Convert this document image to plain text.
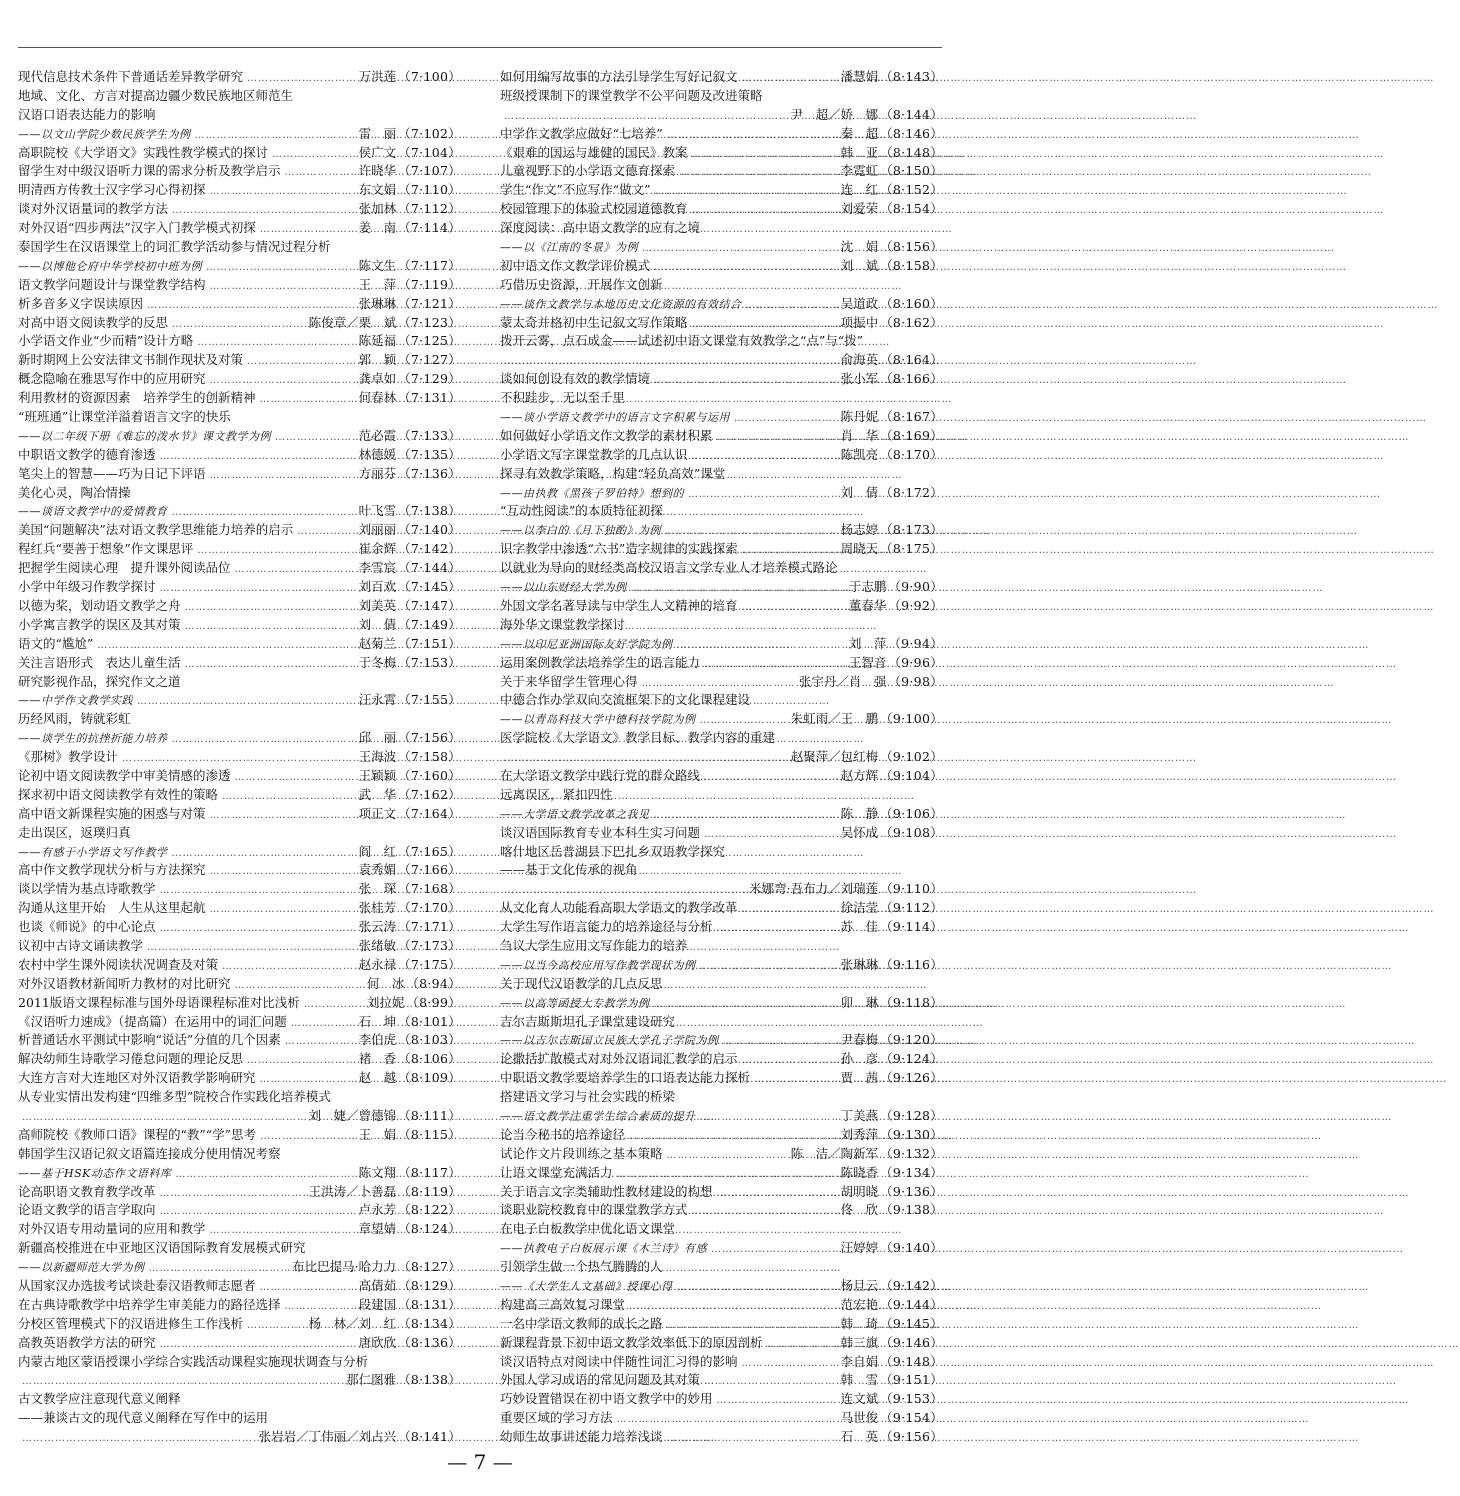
现代信息技术条件下普通话差异教学研究 ………………………………………………………………………………………………………………………………………………………………………	万洪莲 （7·100）
地域、文化、方言对提高边疆少数民族地区师范生
汉语口语表达能力的影响
——以文山学院少数民族学生为例 ………………………………………………………………………………………………………………………………………………………………………	雷　丽 （7·102）
高职院校《大学语文》实践性教学模式的探讨 ………………………………………………………………………………………………………………………………………………………………………	侯广文 （7·104）
留学生对中级汉语听力课的需求分析及教学启示 ………………………………………………………………………………………………………………………………………………………………………	许晓华 （7·107）
明清西方传教士汉字学习心得初探 ………………………………………………………………………………………………………………………………………………………………………	东文娟 （7·110）
谈对外汉语量词的教学方法 ………………………………………………………………………………………………………………………………………………………………………	张加林 （7·112）
对外汉语“四步两法”汉字入门教学模式初探 ………………………………………………………………………………………………………………………………………………………………………	姜　南 （7·114）
泰国学生在汉语课堂上的词汇教学活动参与情况过程分析
——以博他仑府中华学校初中班为例 ………………………………………………………………………………………………………………………………………………………………………	陈文生 （7·117）
语文教学问题设计与课堂教学结构 ………………………………………………………………………………………………………………………………………………………………………	王　萍 （7·119）
析多音多义字误读原因 ………………………………………………………………………………………………………………………………………………………………………	张琳琳 （7·121）
对高中语文阅读教学的反思 ………………………………………………………………………………………………………………………………………………………………………	陈俊章／栗　斌 （7·123）
小学语文作业“少而精”设计方略 ………………………………………………………………………………………………………………………………………………………………………	陈延福 （7·125）
新时期网上公安法律文书制作现状及对策 ………………………………………………………………………………………………………………………………………………………………………	郭　颖 （7·127）
概念隐喻在雅思写作中的应用研究 ………………………………………………………………………………………………………………………………………………………………………	龚卓如 （7·129）
利用教材的资源因素　培养学生的创新精神 ………………………………………………………………………………………………………………………………………………………………………	何春林 （7·131）
“班班通”让课堂洋溢着语言文字的快乐
——以二年级下册《难忘的泼水节》课文教学为例 ………………………………………………………………………………………………………………………………………………………………………	范必霞 （7·133）
中职语文教学的德育渗透 ………………………………………………………………………………………………………………………………………………………………………	林德媛 （7·135）
笔尖上的智慧——巧为日记下评语 ………………………………………………………………………………………………………………………………………………………………………	方丽芬 （7·136）
美化心灵，陶冶情操
——谈语文教学中的爱情教育 ………………………………………………………………………………………………………………………………………………………………………	叶飞雪 （7·138）
美国“问题解决”法对语文教学思维能力培养的启示 ………………………………………………………………………………………………………………………………………………………………………	刘丽丽 （7·140）
程红兵“要善于想象”作文课思评 ………………………………………………………………………………………………………………………………………………………………………	崔余辉 （7·142）
把握学生阅读心理　提升课外阅读品位 ………………………………………………………………………………………………………………………………………………………………………	李雪宸 （7·144）
小学中年级习作教学探讨 ………………………………………………………………………………………………………………………………………………………………………	刘百欢 （7·145）
以德为桨，划动语文教学之舟 ………………………………………………………………………………………………………………………………………………………………………	刘美英 （7·147）
小学寓言教学的误区及其对策 ………………………………………………………………………………………………………………………………………………………………………	刘　倩 （7·149）
语文的“尴尬” ………………………………………………………………………………………………………………………………………………………………………	赵菊兰 （7·151）
关注言语形式　表达儿童生活 ………………………………………………………………………………………………………………………………………………………………………	于冬梅 （7·153）
研究影视作品，探究作文之道
——中学作文教学实践 ………………………………………………………………………………………………………………………………………………………………………	汪永霄 （7·155）
历经风雨，铸就彩虹
——谈学生的抗挫折能力培养 ………………………………………………………………………………………………………………………………………………………………………	邱　丽 （7·156）
《那树》教学设计 ………………………………………………………………………………………………………………………………………………………………………	王海波 （7·158）
论初中语文阅读教学中审美情感的渗透 ………………………………………………………………………………………………………………………………………………………………………	王颖颖 （7·160）
探求初中语文阅读教学有效性的策略 ………………………………………………………………………………………………………………………………………………………………………	武　华 （7·162）
高中语文新课程实施的困惑与对策 ………………………………………………………………………………………………………………………………………………………………………	项正文 （7·164）
走出误区，返璞归真
——有感于小学语文写作教学 ………………………………………………………………………………………………………………………………………………………………………	阎　红 （7·165）
高中作文教学现状分析与方法探究 ………………………………………………………………………………………………………………………………………………………………………	袁秀媚 （7·166）
谈以学情为基点诗歌教学 ………………………………………………………………………………………………………………………………………………………………………	张　琛 （7·168）
沟通从这里开始　人生从这里起航 ………………………………………………………………………………………………………………………………………………………………………	张桂芳 （7·170）
也谈《师说》的中心论点 ………………………………………………………………………………………………………………………………………………………………………	张云涛 （7·171）
议初中古诗文诵读教学 ………………………………………………………………………………………………………………………………………………………………………	张绪敏 （7·173）
农村中学生课外阅读状况调查及对策 ………………………………………………………………………………………………………………………………………………………………………	赵永禄 （7·175）
对外汉语教材新闻听力教材的对比研究 ………………………………………………………………………………………………………………………………………………………………………	何　冰 （8·94）
2011版语文课程标准与国外母语课程标准对比浅析 ………………………………………………………………………………………………………………………………………………………………………	刘拉妮 （8·99）
《汉语听力速成》（提高篇）在运用中的词汇问题 ………………………………………………………………………………………………………………………………………………………………………	石　坤 （8·101）
析普通话水平测试中影响“说话”分值的几个因素 ………………………………………………………………………………………………………………………………………………………………………	李伯虎 （8·103）
解决幼师生诗歌学习倦怠问题的理论反思 ………………………………………………………………………………………………………………………………………………………………………	褚　香 （8·106）
大连方言对大连地区对外汉语教学影响研究 ………………………………………………………………………………………………………………………………………………………………………	赵　越 （8·109）
从专业实情出发构建“四维多型”院校合作实践化培养模式
………………………………………………………………………………………………………………………………………………………………………
刘　婕／曾德锦 （8·111）
高师院校《教师口语》课程的“教”“学”思考 ………………………………………………………………………………………………………………………………………………………………………	王　娟 （8·115）
韩国学生汉语记叙文语篇连接成分使用情况考察
——基于HSK动态作文语料库 ………………………………………………………………………………………………………………………………………………………………………	陈文翔 （8·117）
论高职语文教育教学改革 ………………………………………………………………………………………………………………………………………………………………………	王洪涛／卜善磊 （8·119）
论语文教学的语言学取向 ………………………………………………………………………………………………………………………………………………………………………	卢永芳 （8·122）
对外汉语专用动量词的应用和教学 ………………………………………………………………………………………………………………………………………………………………………	章望婧 （8·124）
新疆高校推进在中亚地区汉语国际教育发展模式研究
——以新疆师范大学为例 ………………………………………………………………………………………………………………………………………………………………………	布比巴提马·哈力力 （8·127）
从国家汉办选拔考试谈赴泰汉语教师志愿者 ………………………………………………………………………………………………………………………………………………………………………	高倩茹 （8·129）
在古典诗歌教学中培养学生审美能力的路径选择 ………………………………………………………………………………………………………………………………………………………………………	段建国 （8·131）
分校区管理模式下的汉语进修生工作浅析 ………………………………………………………………………………………………………………………………………………………………………	杨　林／刘　红 （8·134）
高教英语教学方法的研究 ………………………………………………………………………………………………………………………………………………………………………	唐欣欣 （8·136）
内蒙古地区蒙语授课小学综合实践活动课程实施现状调查与分析
………………………………………………………………………………………………………………………………………………………………………
那仁图雅 （8·138）
古文教学应注意现代意义阐释
——兼谈古文的现代意义阐释在写作中的运用
………………………………………………………………………………………………………………………………………………………………………
张岩岩／丁伟丽／刘占兴 （8·141）
如何用编写故事的方法引导学生写好记叙文 ………………………………………………………………………………………………………………………………………………………………………	潘慧娟 （8·143）
班级授课制下的课堂教学不公平问题及改进策略
………………………………………………………………………………………………………………………………………………………………………
尹　超／娇　娜 （8·144）
中学作文教学应做好“七培养” ………………………………………………………………………………………………………………………………………………………………………	秦　超 （8·146）
《艰难的国运与雄健的国民》教案 ………………………………………………………………………………………………………………………………………………………………………	韩　亚 （8·148）
儿童视野下的小学语文德育探索 ………………………………………………………………………………………………………………………………………………………………………	李霓虹 （8·150）
学生“作文”不应写作“做文” ………………………………………………………………………………………………………………………………………………………………………	连　红 （8·152）
校园管理下的体验式校园道德教育 ………………………………………………………………………………………………………………………………………………………………………	刘爱荣 （8·154）
深度阅读：高中语文教学的应有之境
——以《江南的冬景》为例 ………………………………………………………………………………………………………………………………………………………………………	沈　娟 （8·156）
初中语文作文教学评价模式 ………………………………………………………………………………………………………………………………………………………………………	刘　斌 （8·158）
巧借历史资源，开展作文创新
——谈作文教学与本地历史文化资源的有效结合 ………………………………………………………………………………………………………………………………………………………………………	吴道政 （8·160）
蒙太奇并格初中生记叙文写作策略 ………………………………………………………………………………………………………………………………………………………………………	项振中 （8·162）
拨开云雾，点石成金——试述初中语文课堂有效教学之“点”与“拨”
………………………………………………………………………………………………………………………………………………………………………
俞海英 （8·164）
谈如何创设有效的教学情境 ………………………………………………………………………………………………………………………………………………………………………	张小军 （8·166）
不积跬步，无以至千里
——谈小学语文教学中的语言文字积累与运用 ………………………………………………………………………………………………………………………………………………………………………	陈丹妮 （8·167）
如何做好小学语文作文教学的素材积累 ………………………………………………………………………………………………………………………………………………………………………	肖　华 （8·169）
小学语文写字课堂教学的几点认识 ………………………………………………………………………………………………………………………………………………………………………	陈凯亮 （8·170）
探寻有效教学策略，构建“轻负高效”课堂
——由执教《黑孩子罗伯特》想到的 ………………………………………………………………………………………………………………………………………………………………………	刘　倩 （8·172）
“互动性阅读”的本质特征初探
——以李白的《月下独酌》为例 ………………………………………………………………………………………………………………………………………………………………………	杨志婷 （8·173）
识字教学中渗透“六书”造字规律的实践探索 ………………………………………………………………………………………………………………………………………………………………………	周晓天 （8·175）
以就业为导向的财经类高校汉语言文学专业人才培养模式路论
——以山东财经大学为例 ………………………………………………………………………………………………………………………………………………………………………	于志鹏 （9·90）
外国文学名著导读与中学生人文精神的培育 ………………………………………………………………………………………………………………………………………………………………………	董春华 （9·92）
海外华文课堂教学探讨
——以印尼亚洲国际友好学院为例 ………………………………………………………………………………………………………………………………………………………………………	刘　萍 （9·94）
运用案例教学法培养学生的语言能力 ………………………………………………………………………………………………………………………………………………………………………	王智音 （9·96）
关于来华留学生管理心得 ………………………………………………………………………………………………………………………………………………………………………	张宇丹／肖　强 （9·98）
中德合作办学双向交流框架下的文化课程建设
——以青岛科技大学中德科技学院为例 ………………………………………………………………………………………………………………………………………………………………………	朱虹雨／王　鹏 （9·100）
医学院校《大学语文》教学目标、教学内容的重建
………………………………………………………………………………………………………………………………………………………………………
赵聚萍／包红梅 （9·102）
在大学语文教学中践行党的群众路线 ………………………………………………………………………………………………………………………………………………………………………	赵方辉 （9·104）
远离误区，紧扣四性
——大学语文教学改革之我见 ………………………………………………………………………………………………………………………………………………………………………	陈　静 （9·106）
谈汉语国际教育专业本科生实习问题 ………………………………………………………………………………………………………………………………………………………………………	吴怀成 （9·108）
喀什地区岳普湖县下巴扎乡双语教学探究
——基于文化传承的视角
………………………………………………………………………………………………………………………………………………………………………
米娜弯·吾布力／刘瑞莲 （9·110）
从文化育人功能看高职大学语文的教学改革 ………………………………………………………………………………………………………………………………………………………………………	徐洁莹 （9·112）
大学生写作语言能力的培养途径与分析 ………………………………………………………………………………………………………………………………………………………………………	苏　佳 （9·114）
刍议大学生应用文写作能力的培养
——以当今高校应用写作教学现状为例 ………………………………………………………………………………………………………………………………………………………………………	张琳琳 （9·116）
关于现代汉语教学的几点反思
——以高等函授大专教学为例 ………………………………………………………………………………………………………………………………………………………………………	卯　琳 （9·118）
吉尔吉斯斯坦孔子课堂建设研究
——以吉尔吉斯国立民族大学孔子学院为例 ………………………………………………………………………………………………………………………………………………………………………	尹春梅 （9·120）
论撒括扩散模式对对外汉语词汇教学的启示 ………………………………………………………………………………………………………………………………………………………………………	孙　彦 （9·124）
中职语文教学要培养学生的口语表达能力探析 ………………………………………………………………………………………………………………………………………………………………………	贾　茜 （9·126）
搭建语文学习与社会实践的桥梁
——语文教学注重学生综合素质的提升 ………………………………………………………………………………………………………………………………………………………………………	丁美燕 （9·128）
论当今秘书的培养途径 ………………………………………………………………………………………………………………………………………………………………………	刘秀萍 （9·130）
试论作文片段训练之基本策略 ………………………………………………………………………………………………………………………………………………………………………	陈　洁／陶新军 （9·132）
让语文课堂充满活力 ………………………………………………………………………………………………………………………………………………………………………	陈晓香 （9·134）
关于语言文字类辅助性教材建设的构想 ………………………………………………………………………………………………………………………………………………………………………	胡明晓 （9·136）
谈职业院校教育中的课堂教学方式 ………………………………………………………………………………………………………………………………………………………………………	佟　欣 （9·138）
在电子白板教学中优化语文课堂
——执教电子白板展示课《木兰诗》有感 ………………………………………………………………………………………………………………………………………………………………………	汪婷婷 （9·140）
引领学生做一个热气腾腾的人
——《大学生人文基础》授课心得 ………………………………………………………………………………………………………………………………………………………………………	杨旦云 （9·142）
构建高三高效复习课堂 ………………………………………………………………………………………………………………………………………………………………………	范宏艳 （9·144）
一名中学语文教师的成长之路 ………………………………………………………………………………………………………………………………………………………………………	韩　琦 （9·145）
新课程背景下初中语文教学效率低下的原因剖析 ………………………………………………………………………………………………………………………………………………………………………	韩三旗 （9·146）
谈汉语特点对阅读中伴随性词汇习得的影响 ………………………………………………………………………………………………………………………………………………………………………	李自娟 （9·148）
外国人学习成语的常见问题及其对策 ………………………………………………………………………………………………………………………………………………………………………	韩　雪 （9·151）
巧妙设置错误在初中语文教学中的妙用 ………………………………………………………………………………………………………………………………………………………………………	连文斌 （9·153）
重要区域的学习方法 ………………………………………………………………………………………………………………………………………………………………………	马世俊 （9·154）
幼师生故事讲述能力培养浅谈 ………………………………………………………………………………………………………………………………………………………………………	石　英 （9·156）
— 7 —
